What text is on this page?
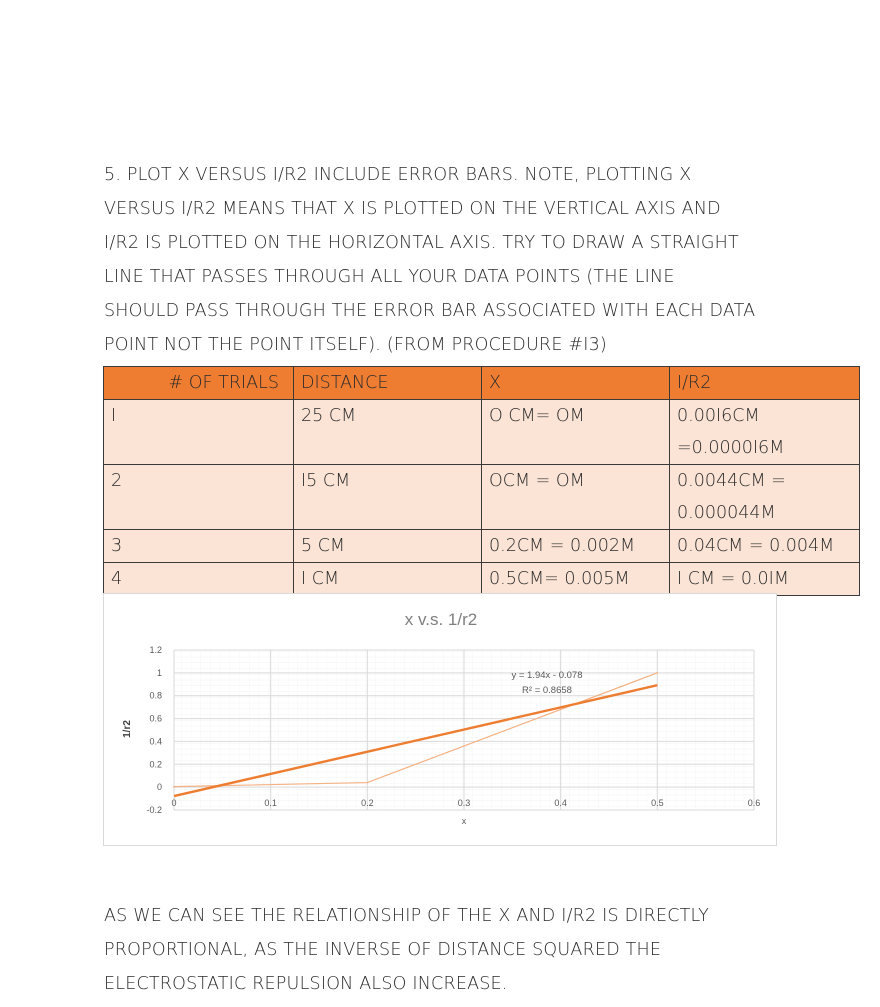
5. PLOT X VERSUS I/R2 INCLUDE ERROR BARS. NOTE, PLOTTING X
VERSUS I/R2 MEANS THAT X IS PLOTTED ON THE VERTICAL AXIS AND
I/R2 IS PLOTTED ON THE HORIZONTAL AXIS. TRY TO DRAW A STRAIGHT
LINE THAT PASSES THROUGH ALL YOUR DATA POINTS (THE LINE
SHOULD PASS THROUGH THE ERROR BAR ASSOCIATED WITH EACH DATA
POINT NOT THE POINT ITSELF). (FROM PROCEDURE #I3)
# OF TRIALS	DISTANCE	X	I/R2
I	25 CM	O CM= OM	0.00I6CM
=0.0000I6M

2	I5 CM	OCM = OM	0.0044CM =
0.000044M

3	5 CM	0.2CM = 0.002M	0.04CM = 0.004M
4	I CM	0.5CM= 0.005M	I CM = 0.0IM
x v.s. 1/r2
-0.2
0
0.2
0.4
0.6
0.8
1
1.2
0	0.1	0.2	0.3	0.4	0.5	0.6
x
1/r2
y = 1.94x - 0.078
R² = 0.8658
AS WE CAN SEE THE RELATIONSHIP OF THE X AND I/R2 IS DIRECTLY
PROPORTIONAL, AS THE INVERSE OF DISTANCE SQUARED THE
ELECTROSTATIC REPULSION ALSO INCREASE.
